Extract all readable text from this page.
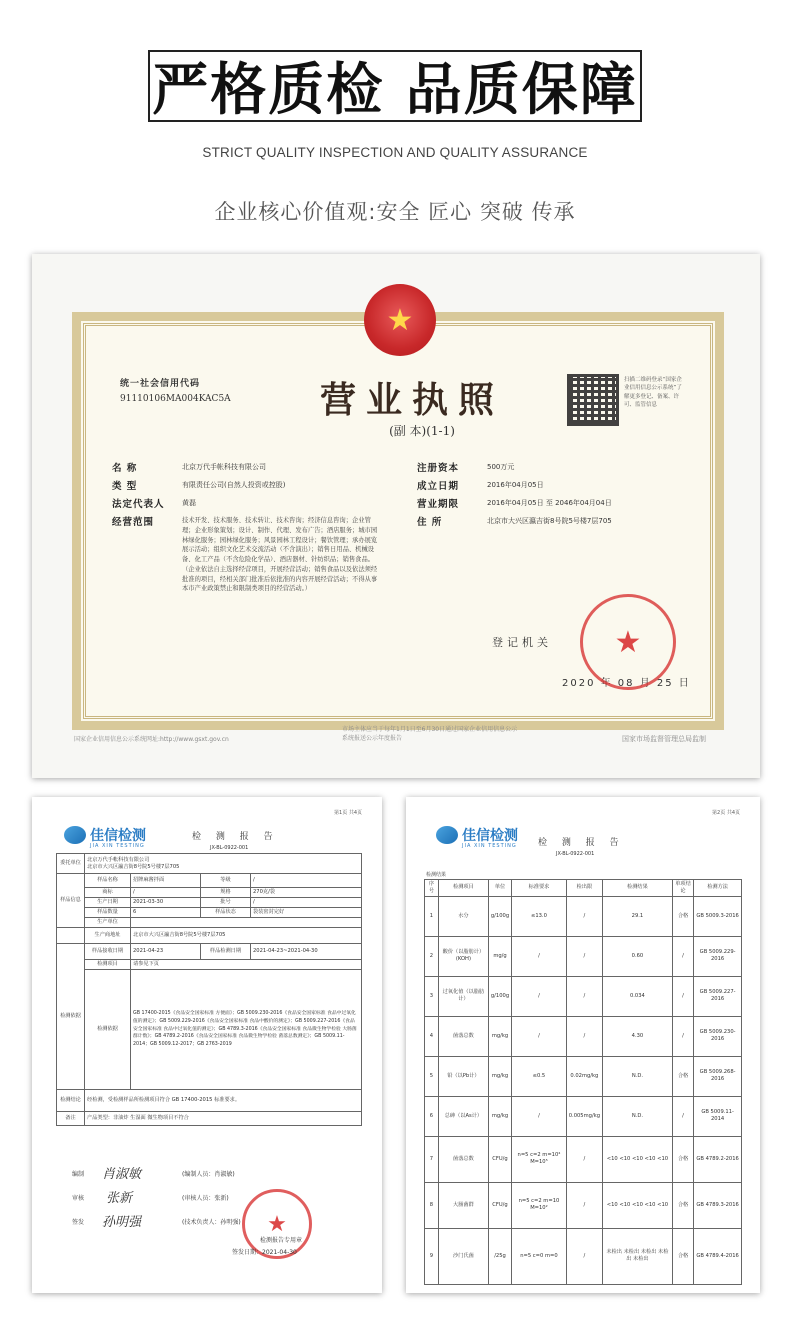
严格质检 品质保障
STRICT QUALITY INSPECTION AND QUALITY ASSURANCE
企业核心价值观:安全 匠心 突破 传承
★
统一社会信用代码
91110106MA004KAC5A	营业执照
(副 本)(1-1)
扫描二维码登录“国家企业信用信息公示系统”了解更多登记、备案、许可、监管信息
名 称	北京万代手帐科技有限公司
类 型	有限责任公司(自然人投资或控股)
法定代表人 黄磊
经营范围	技术开发、技术服务、技术转让、技术咨询；经济信息咨询；企业管理；企业形象策划；设计、制作、代理、发布广告；酒店服务；城市园林绿化服务；园林绿化服务；风景园林工程设计；餐饮管理；承办展览展示活动；组织文化艺术交流活动（不含演出）；销售日用品、机械设备、化工产品（不含危险化学品）、酒店器材、针纺织品；销售食品。（企业依法自主选择经营项目，开展经营活动；销售食品以及依法须经批准的项目，经相关部门批准后依批准的内容开展经营活动；不得从事本市产业政策禁止和限制类项目的经营活动。）
注册资本	500万元
成立日期	2016年04月05日
营业期限	2016年04月05日 至 2046年04月04日
住 所	北京市大兴区瀛吉街8号院5号楼7层705
登记机关
2020 年 08 月 25 日
★
国家企业信用信息公示系统网址:http://www.gsxt.gov.cn
市场主体应当于每年1月1日至6月30日通过国家企业信用信息公示系统报送公示年度报告	国家市场监督管理总局监制
第1页 共4页
佳信检测
JIA XIN TESTING
检 测 报 告
JX-BL-0922-001
委托单位	北京万代手帐科技有限公司
北京市大兴区瀛吉街8号院5号楼7层705			

样品信息	样品名称	招牌麻酱拌面	等级	/
	商标	/	规格	270克/袋
	生产日期	2021-03-30	批号	/
	样品数量	6	样品状态	袋装密封完好
	生产单位			
	生产商地址	北京市大兴区瀛吉街8号院5号楼7层705		
检测依据	样品接收日期	2021-04-23	样品检测日期	2021-04-23~2021-04-30
	检测项目	请参见下页		
	检测依据	GB 17400-2015《食品安全国家标准 方便面》；GB 5009.230-2016《食品安全国家标准 食品中过氧化值的测定》；GB 5009.229-2016《食品安全国家标准 食品中酸价的测定》；GB 5009.227-2016《食品安全国家标准 食品中过氧化值的测定》；GB 4789.3-2016《食品安全国家标准 食品微生物学检验 大肠菌群计数》；GB 4789.2-2016《食品安全国家标准 食品微生物学检验 菌落总数测定》；GB 5009.11-2014；GB 5009.12-2017；GB 2763-2019		
检测结论	经检测，受检测样品所检测项目符合 GB 17400-2015 标准要求。			
备注	产品类型：非油炸 生湿面 微生物项目不符合			
编制 肖淑敏	(编制人员：肖淑敏)
审核 张新	(审核人员：张新)
签发 孙明强	(技术负责人：孙明强) ★
检测报告专用章
签发日期：2021-04-30
第2页 共4页
佳信检测
JIA XIN TESTING 检 测 报 告
JX-BL-0922-001
检测结果
序号	检测项目	单位	标准要求	检出限	检测结果	单项结论	检测方法
1	水分	g/100g	≤13.0	/	29.1	合格	GB 5009.3-2016
2	酸价（以脂肪计）(KOH)	mg/g	/	/	0.60	/	GB 5009.229-2016
3	过氧化值（以脂肪计）	g/100g	/	/	0.034	/	GB 5009.227-2016
4	菌落总数	mg/kg	/	/	4.30	/	GB 5009.230-2016
5	铅（以Pb计）	mg/kg	≤0.5	0.02mg/kg	N.D.	合格	GB 5009.268-2016
6	总砷（以As计）	mg/kg	/	0.005mg/kg	N.D.	/	GB 5009.11-2014
7	菌落总数	CFU/g	n=5 c=2 m=10⁴ M=10⁵	/	<10 <10 <10 <10 <10	合格	GB 4789.2-2016
8	大肠菌群	CFU/g	n=5 c=2 m=10 M=10²	/	<10 <10 <10 <10 <10	合格	GB 4789.3-2016
9	沙门氏菌	/25g	n=5 c=0 m=0	/	未检出 未检出 未检出 未检出 未检出	合格	GB 4789.4-2016
